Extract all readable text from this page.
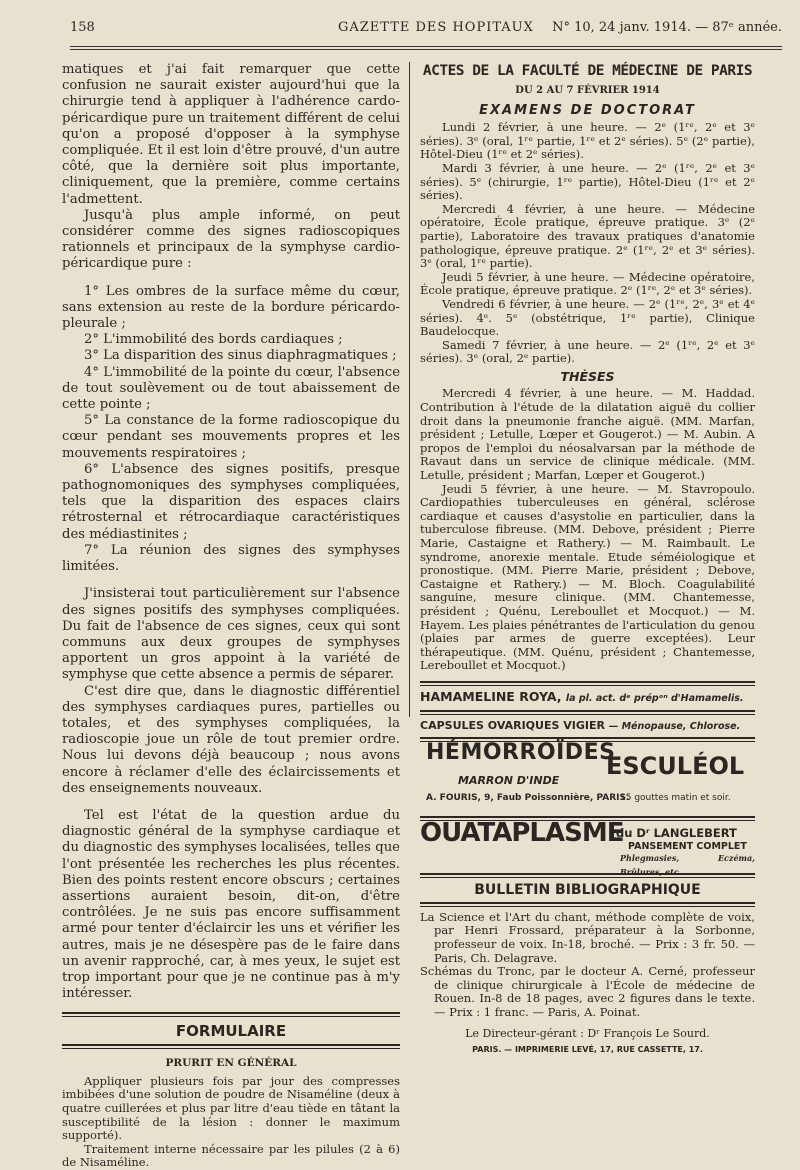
158	GAZETTE DES HOPITAUX N° 10, 24 janv. 1914. — 87ᵉ année.

matiques et j'ai fait remarquer que cette confusion ne saurait exister aujourd'hui que la chirurgie tend à appliquer à l'adhérence cardo-péricardique pure un traitement différent de celui qu'on a proposé d'opposer à la symphyse compliquée. Et il est loin d'être prouvé, d'un autre côté, que la dernière soit plus importante, cliniquement, que la première, comme certains l'admettent.

Jusqu'à plus ample informé, on peut considérer comme des signes radioscopiques rationnels et principaux de la symphyse cardio-péricardique pure :

1° Les ombres de la surface même du cœur, sans extension au reste de la bordure péricardo-pleurale ;

2° L'immobilité des bords cardiaques ;

3° La disparition des sinus diaphragmatiques ;

4° L'immobilité de la pointe du cœur, l'absence de tout soulèvement ou de tout abaissement de cette pointe ;

5° La constance de la forme radioscopique du cœur pendant ses mouvements propres et les mouvements respiratoires ;

6° L'absence des signes positifs, presque pathognomoniques des symphyses compliquées, tels que la disparition des espaces clairs rétrosternal et rétrocardiaque caractéristiques des médiastinites ;

7° La réunion des signes des symphyses limitées.

J'insisterai tout particulièrement sur l'absence des signes positifs des symphyses compliquées. Du fait de l'absence de ces signes, ceux qui sont communs aux deux groupes de symphyses apportent un gros appoint à la variété de symphyse que cette absence a permis de séparer.

C'est dire que, dans le diagnostic différentiel des symphyses cardiaques pures, partielles ou totales, et des symphyses compliquées, la radioscopie joue un rôle de tout premier ordre. Nous lui devons déjà beaucoup ; nous avons encore à réclamer d'elle des éclaircissements et des enseignements nouveaux.

Tel est l'état de la question ardue du diagnostic général de la symphyse cardiaque et du diagnostic des symphyses localisées, telles que l'ont présentée les recherches les plus récentes. Bien des points restent encore obscurs ; certaines assertions auraient besoin, dit-on, d'être contrôlées. Je ne suis pas encore suffisamment armé pour tenter d'éclaircir les uns et vérifier les autres, mais je ne désespère pas de le faire dans un avenir rapproché, car, à mes yeux, le sujet est trop important pour que je ne continue pas à m'y intéresser.

FORMULAIRE
PRURIT EN GÉNÉRAL

Appliquer plusieurs fois par jour des compresses imbibées d'une solution de poudre de Nisaméline (deux à quatre cuillerées et plus par litre d'eau tiède en tâtant la susceptibilité de la lésion : donner le maximum supporté).

Traitement interne nécessaire par les pilules (2 à 6) de Nisaméline.

ACTES DE LA FACULTÉ DE MÉDECINE DE PARIS
DU 2 AU 7 FÉVRIER 1914
EXAMENS DE DOCTORAT

Lundi 2 février, à une heure. — 2ᵉ (1ʳᵉ, 2ᵉ et 3ᵉ séries). 3ᵉ (oral, 1ʳᵉ partie, 1ʳᵉ et 2ᵉ séries). 5ᵉ (2ᵉ partie), Hôtel-Dieu (1ʳᵉ et 2ᵉ séries).

Mardi 3 février, à une heure. — 2ᵉ (1ʳᵉ, 2ᵉ et 3ᵉ séries). 5ᵉ (chirurgie, 1ʳᵉ partie), Hôtel-Dieu (1ʳᵉ et 2ᵉ séries).

Mercredi 4 février, à une heure. — Médecine opératoire, École pratique, épreuve pratique. 3ᵉ (2ᵉ partie), Laboratoire des travaux pratiques d'anatomie pathologique, épreuve pratique. 2ᵉ (1ʳᵉ, 2ᵉ et 3ᵉ séries). 3ᵉ (oral, 1ʳᵉ partie).

Jeudi 5 février, à une heure. — Médecine opératoire, École pratique, épreuve pratique. 2ᵉ (1ʳᵉ, 2ᵉ et 3ᵉ séries).

Vendredi 6 février, à une heure. — 2ᵉ (1ʳᵉ, 2ᵉ, 3ᵉ et 4ᵉ séries). 4ᵉ. 5ᵉ (obstétrique, 1ʳᵉ partie), Clinique Baudelocque.

Samedi 7 février, à une heure. — 2ᵉ (1ʳᵉ, 2ᵉ et 3ᵉ séries). 3ᵉ (oral, 2ᵉ partie).

THÈSES

Mercredi 4 février, à une heure. — M. Haddad. Contribution à l'étude de la dilatation aiguë du collier droit dans la pneumonie franche aiguë. (MM. Marfan, président ; Letulle, Lœper et Gougerot.) — M. Aubin. A propos de l'emploi du néosalvarsan par la méthode de Ravaut dans un service de clinique médicale. (MM. Letulle, président ; Marfan, Lœper et Gougerot.)

Jeudi 5 février, à une heure. — M. Stavropoulo. Cardiopathies tuberculeuses en général, sclérose cardiaque et causes d'asystolie en particulier, dans la tuberculose fibreuse. (MM. Debove, président ; Pierre Marie, Castaigne et Rathery.) — M. Raimbault. Le syndrome, anorexie mentale. Etude séméiologique et pronostique. (MM. Pierre Marie, président ; Debove, Castaigne et Rathery.) — M. Bloch. Coagulabilité sanguine, mesure clinique. (MM. Chantemesse, président ; Quénu, Lereboullet et Mocquot.) — M. Hayem. Les plaies pénétrantes de l'articulation du genou (plaies par armes de guerre exceptées). Leur thérapeutique. (MM. Quénu, président ; Chantemesse, Lereboullet et Mocquot.)

HAMAMELINE ROYA, la pl. act. dᵉ prépᵒⁿ d'Hamamelis.
CAPSULES OVARIQUES VIGIER — Ménopause, Chlorose.
HÉMORROÏDES
MARRON D'INDE
ESCULÉOL
A. FOURIS, 9, Faub Poissonnière, PARIS.
15 gouttes matin et soir.
OUATAPLASME
du Dʳ LANGLEBERT
PANSEMENT COMPLET
Phlegmasies, Eczéma, Brûlures, etc.
BULLETIN BIBLIOGRAPHIQUE

La Science et l'Art du chant, méthode complète de voix, par Henri Frossard, préparateur à la Sorbonne, professeur de voix. In-18, broché. — Prix : 3 fr. 50. — Paris, Ch. Delagrave.

Schémas du Tronc, par le docteur A. Cerné, professeur de clinique chirurgicale à l'École de médecine de Rouen. In-8 de 18 pages, avec 2 figures dans le texte. — Prix : 1 franc. — Paris, A. Poinat.

Le Directeur-gérant : Dʳ François Le Sourd.
PARIS. — IMPRIMERIE LEVÉ, 17, RUE CASSETTE, 17.
